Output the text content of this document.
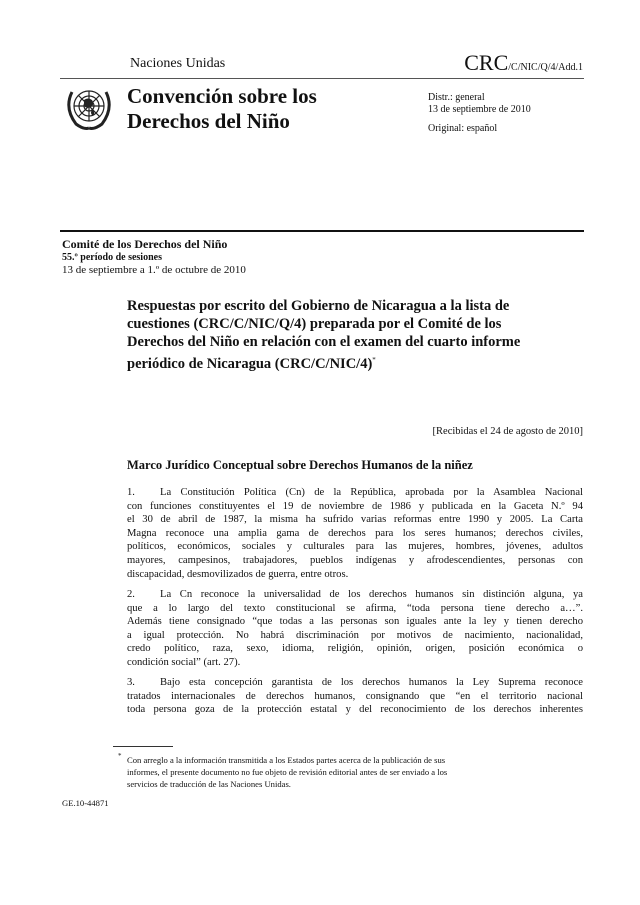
Naciones Unidas	CRC/C/NIC/Q/4/Add.1
Convención sobre los
Derechos del Niño
Distr.: general
13 de septiembre de 2010
Original: español
Comité de los Derechos del Niño
55.º período de sesiones
13 de septiembre a 1.º de octubre de 2010
Respuestas por escrito del Gobierno de Nicaragua a la lista de cuestiones (CRC/C/NIC/Q/4) preparada por el Comité de los Derechos del Niño en relación con el examen del cuarto informe periódico de Nicaragua (CRC/C/NIC/4)*
[Recibidas el 24 de agosto de 2010]
Marco Jurídico Conceptual sobre Derechos Humanos de la niñez
1. La Constitución Política (Cn) de la República, aprobada por la Asamblea Nacional
con funciones constituyentes el 19 de noviembre de 1986 y publicada en la Gaceta N.º 94
el 30 de abril de 1987, la misma ha sufrido varias reformas entre 1990 y 2005. La Carta
Magna reconoce una amplia gama de derechos para los seres humanos; derechos civiles,
políticos, económicos, sociales y culturales para las mujeres, hombres, jóvenes, adultos
mayores, campesinos, trabajadores, pueblos indígenas y afrodescendientes, personas con
discapacidad, desmovilizados de guerra, entre otros.
2. La Cn reconoce la universalidad de los derechos humanos sin distinción alguna, ya
que a lo largo del texto constitucional se afirma, “toda persona tiene derecho a…”.
Además tiene consignado “que todas a las personas son iguales ante la ley y tienen derecho
a igual protección. No habrá discriminación por motivos de nacimiento, nacionalidad,
credo político, raza, sexo, idioma, religión, opinión, origen, posición económica o
condición social” (art. 27).
3. Bajo esta concepción garantista de los derechos humanos la Ley Suprema reconoce
tratados internacionales de derechos humanos, consignando que “en el territorio nacional
toda persona goza de la protección estatal y del reconocimiento de los derechos inherentes
* Con arreglo a la información transmitida a los Estados partes acerca de la publicación de sus
informes, el presente documento no fue objeto de revisión editorial antes de ser enviado a los
servicios de traducción de las Naciones Unidas.
GE.10-44871
